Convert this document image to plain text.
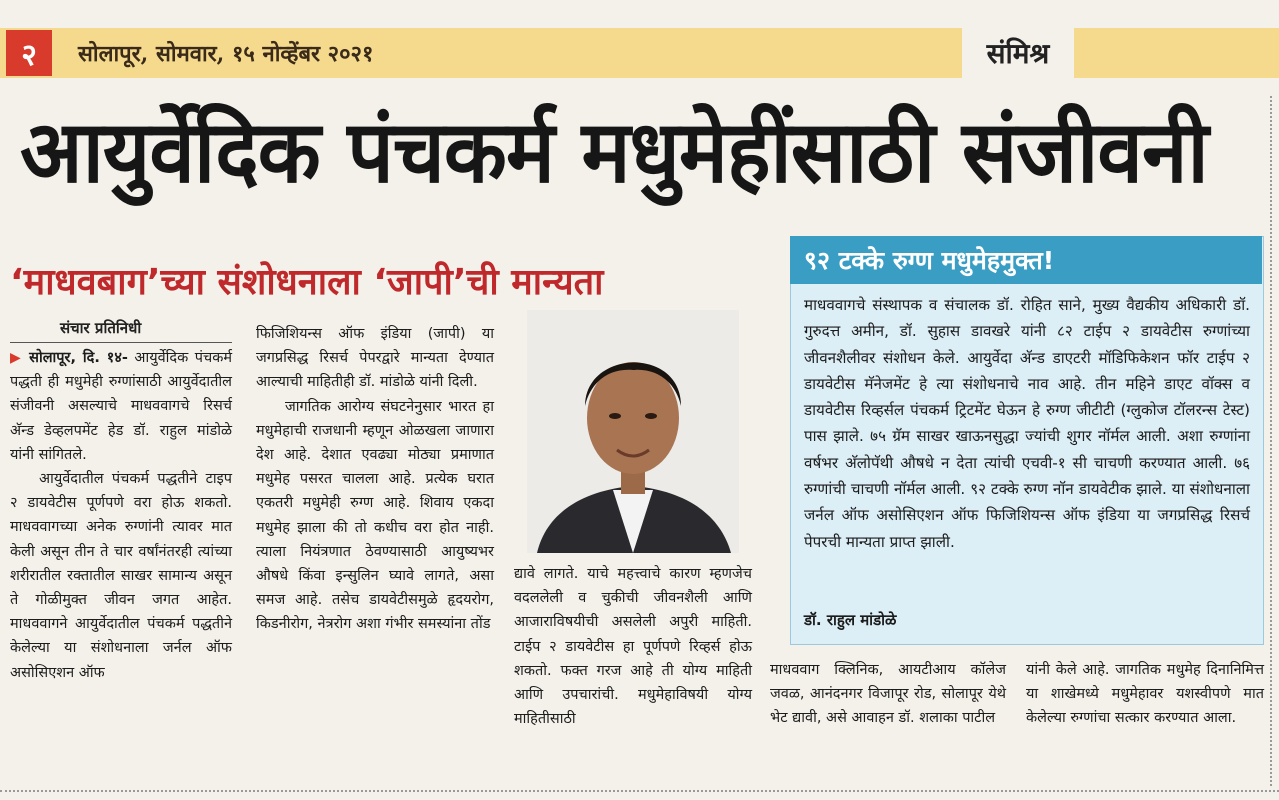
२	सोलापूर, सोमवार, १५ नोव्हेंबर २०२१	संमिश्र
आयुर्वेदिक पंचकर्म मधुमेहींसाठी संजीवनी
‘माधवबाग’च्या संशोधनाला ‘जापी’ची मान्यता
संचार प्रतिनिधी

▶ सोलापूर, दि. १४- आयुर्वेदिक पंचकर्म पद्धती ही मधुमेही रुग्णांसाठी आयुर्वेदातील संजीवनी असल्याचे माधववागचे रिसर्च अ‍ॅन्ड डेव्हलपमेंट हेड डॉ. राहुल मांडोळे यांनी सांगितले.

आयुर्वेदातील पंचकर्म पद्धतीने टाइप २ डायवेटीस पूर्णपणे वरा होऊ शकतो. माधववागच्या अनेक रुग्णांनी त्यावर मात केली असून तीन ते चार वर्षांनंतरही त्यांच्या शरीरातील रक्तातील साखर सामान्य असून ते गोळीमुक्त जीवन जगत आहेत. माधववागने आयुर्वेदातील पंचकर्म पद्धतीने केलेल्या या संशोधनाला जर्नल ऑफ असोसिएशन ऑफ

फिजिशियन्स ऑफ इंडिया (जापी) या जगप्रसिद्ध रिसर्च पेपरद्वारे मान्यता देण्यात आल्याची माहितीही डॉ. मांडोळे यांनी दिली.

जागतिक आरोग्य संघटनेनुसार भारत हा मधुमेहाची राजधानी म्हणून ओळखला जाणारा देश आहे. देशात एवढ्या मोठ्या प्रमाणात मधुमेह पसरत चालला आहे. प्रत्येक घरात एकतरी मधुमेही रुग्ण आहे. शिवाय एकदा मधुमेह झाला की तो कधीच वरा होत नाही. त्याला नियंत्रणात ठेवण्यासाठी आयुष्यभर औषधे किंवा इन्सुलिन घ्यावे लागते, असा समज आहे. तसेच डायवेटीसमुळे हृदयरोग, किडनीरोग, नेत्ररोग अशा गंभीर समस्यांना तोंड

द्यावे लागते. याचे महत्त्वाचे कारण म्हणजेच वदललेली व चुकीची जीवनशैली आणि आजाराविषयीची असलेली अपुरी माहिती. टाईप २ डायवेटीस हा पूर्णपणे रिव्हर्स होऊ शकतो. फक्त गरज आहे ती योग्य माहिती आणि उपचारांची. मधुमेहाविषयी योग्य माहितीसाठी

९२ टक्के रुग्ण मधुमेहमुक्त!
माधववागचे संस्थापक व संचालक डॉ. रोहित साने, मुख्य वैद्यकीय अधिकारी डॉ. गुरुदत्त अमीन, डॉ. सुहास डावखरे यांनी ८२ टाईप २ डायवेटीस रुग्णांच्या जीवनशैलीवर संशोधन केले. आयुर्वेदा अ‍ॅन्ड डाएटरी मॉडिफिकेशन फॉर टाईप २ डायवेटीस मॅनेजमेंट हे त्या संशोधनाचे नाव आहे. तीन महिने डाएट वॉक्स व डायवेटीस रिव्हर्सल पंचकर्म ट्रिटमेंट घेऊन हे रुग्ण जीटीटी (ग्लुकोज टॉलरन्स टेस्ट) पास झाले. ७५ ग्रॅम साखर खाऊनसुद्धा ज्यांची शुगर नॉर्मल आली. अशा रुग्णांना वर्षभर अ‍ॅलोपॅथी औषधे न देता त्यांची एचवी-१ सी चाचणी करण्यात आली. ७६ रुग्णांची चाचणी नॉर्मल आली. ९२ टक्के रुग्ण नॉन डायवेटीक झाले. या संशोधनाला जर्नल ऑफ असोसिएशन ऑफ फिजिशियन्स ऑफ इंडिया या जगप्रसिद्ध रिसर्च पेपरची मान्यता प्राप्त झाली.
डॉ. राहुल मांडोळे

माधववाग क्लिनिक, आयटीआय कॉलेज जवळ, आनंदनगर विजापूर रोड, सोलापूर येथे भेट द्यावी, असे आवाहन डॉ. शलाका पाटील

यांनी केले आहे. जागतिक मधुमेह दिनानिमित्त या शाखेमध्ये मधुमेहावर यशस्वीपणे मात केलेल्या रुग्णांचा सत्कार करण्यात आला.
